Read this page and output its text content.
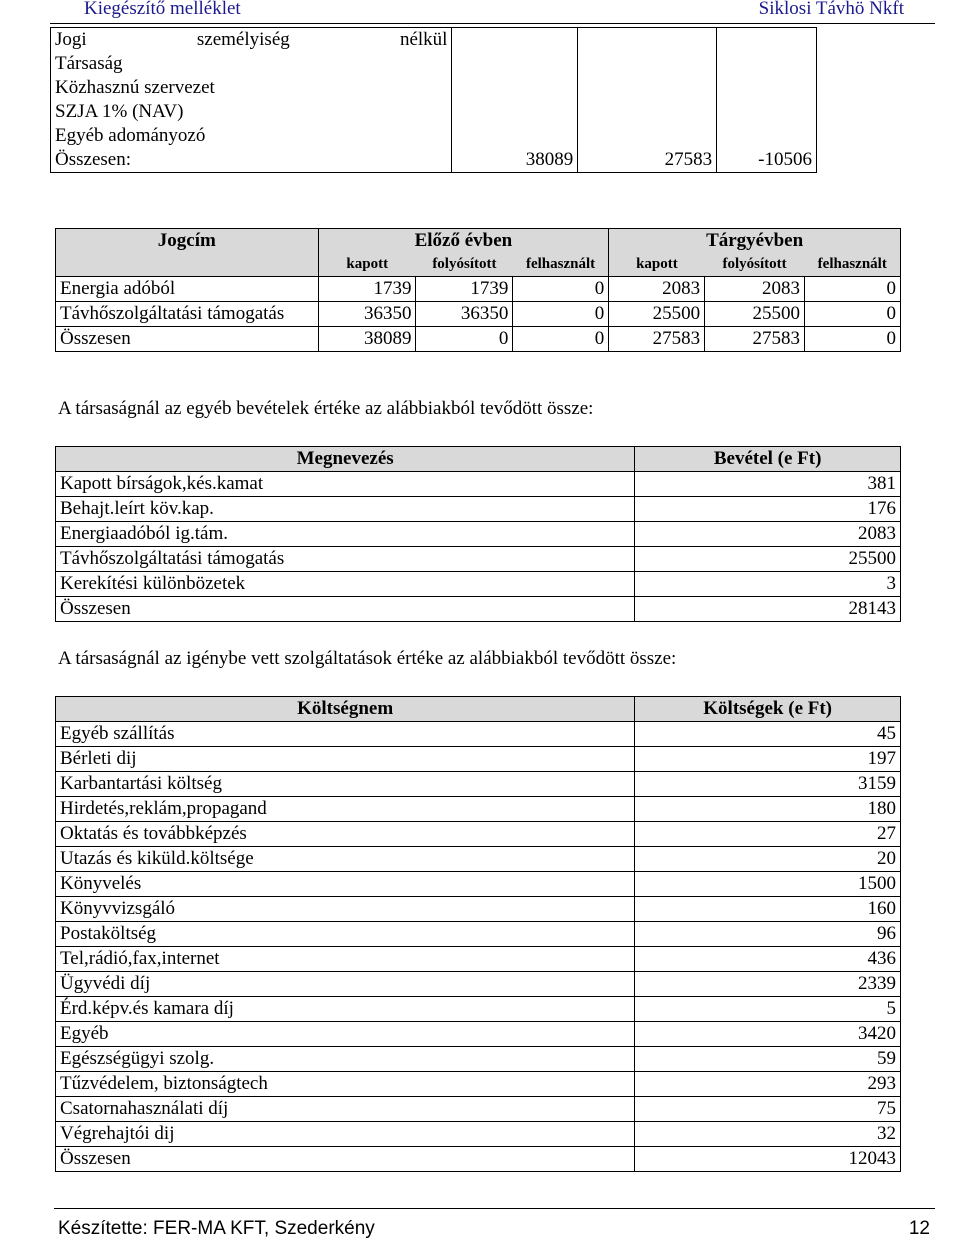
Kiegészítő melléklet	Siklosi Távhö Nkft
Jogi személyiség nélkül			

Társaság			
Közhasznú szervezet			
SZJA 1% (NAV)			
Egyéb adományozó			
Összesen:	38089	27583	-10506
Jogcím	Előző évben			Tárgyévben		
	kapott	folyósított	felhasznált	kapott	folyósított	felhasznált
Energia adóból	1739	1739	0	2083	2083	0
Távhőszolgáltatási támogatás	36350	36350	0	25500	25500	0
Összesen	38089	0	0	27583	27583	0
A társaságnál az egyéb bevételek értéke az alábbiakból tevődött össze:
Megnevezés	Bevétel (e Ft)
Kapott bírságok,kés.kamat	381
Behajt.leírt köv.kap.	176
Energiaadóból ig.tám.	2083
Távhőszolgáltatási támogatás	25500
Kerekítési különbözetek	3
Összesen	28143
A társaságnál az igénybe vett szolgáltatások értéke az alábbiakból tevődött össze:
Költségnem	Költségek (e Ft)
Egyéb szállítás	45
Bérleti dij	197
Karbantartási költség	3159
Hirdetés,reklám,propagand	180
Oktatás és továbbképzés	27
Utazás és kiküld.költsége	20
Könyvelés	1500
Könyvvizsgáló	160
Postaköltség	96
Tel,rádió,fax,internet	436
Ügyvédi díj	2339
Érd.képv.és kamara díj	5
Egyéb	3420
Egészségügyi szolg.	59
Tűzvédelem, biztonságtech	293
Csatornahasználati díj	75
Végrehajtói dij	32
Összesen	12043
Készítette: FER-MA KFT, Szederkény	12
